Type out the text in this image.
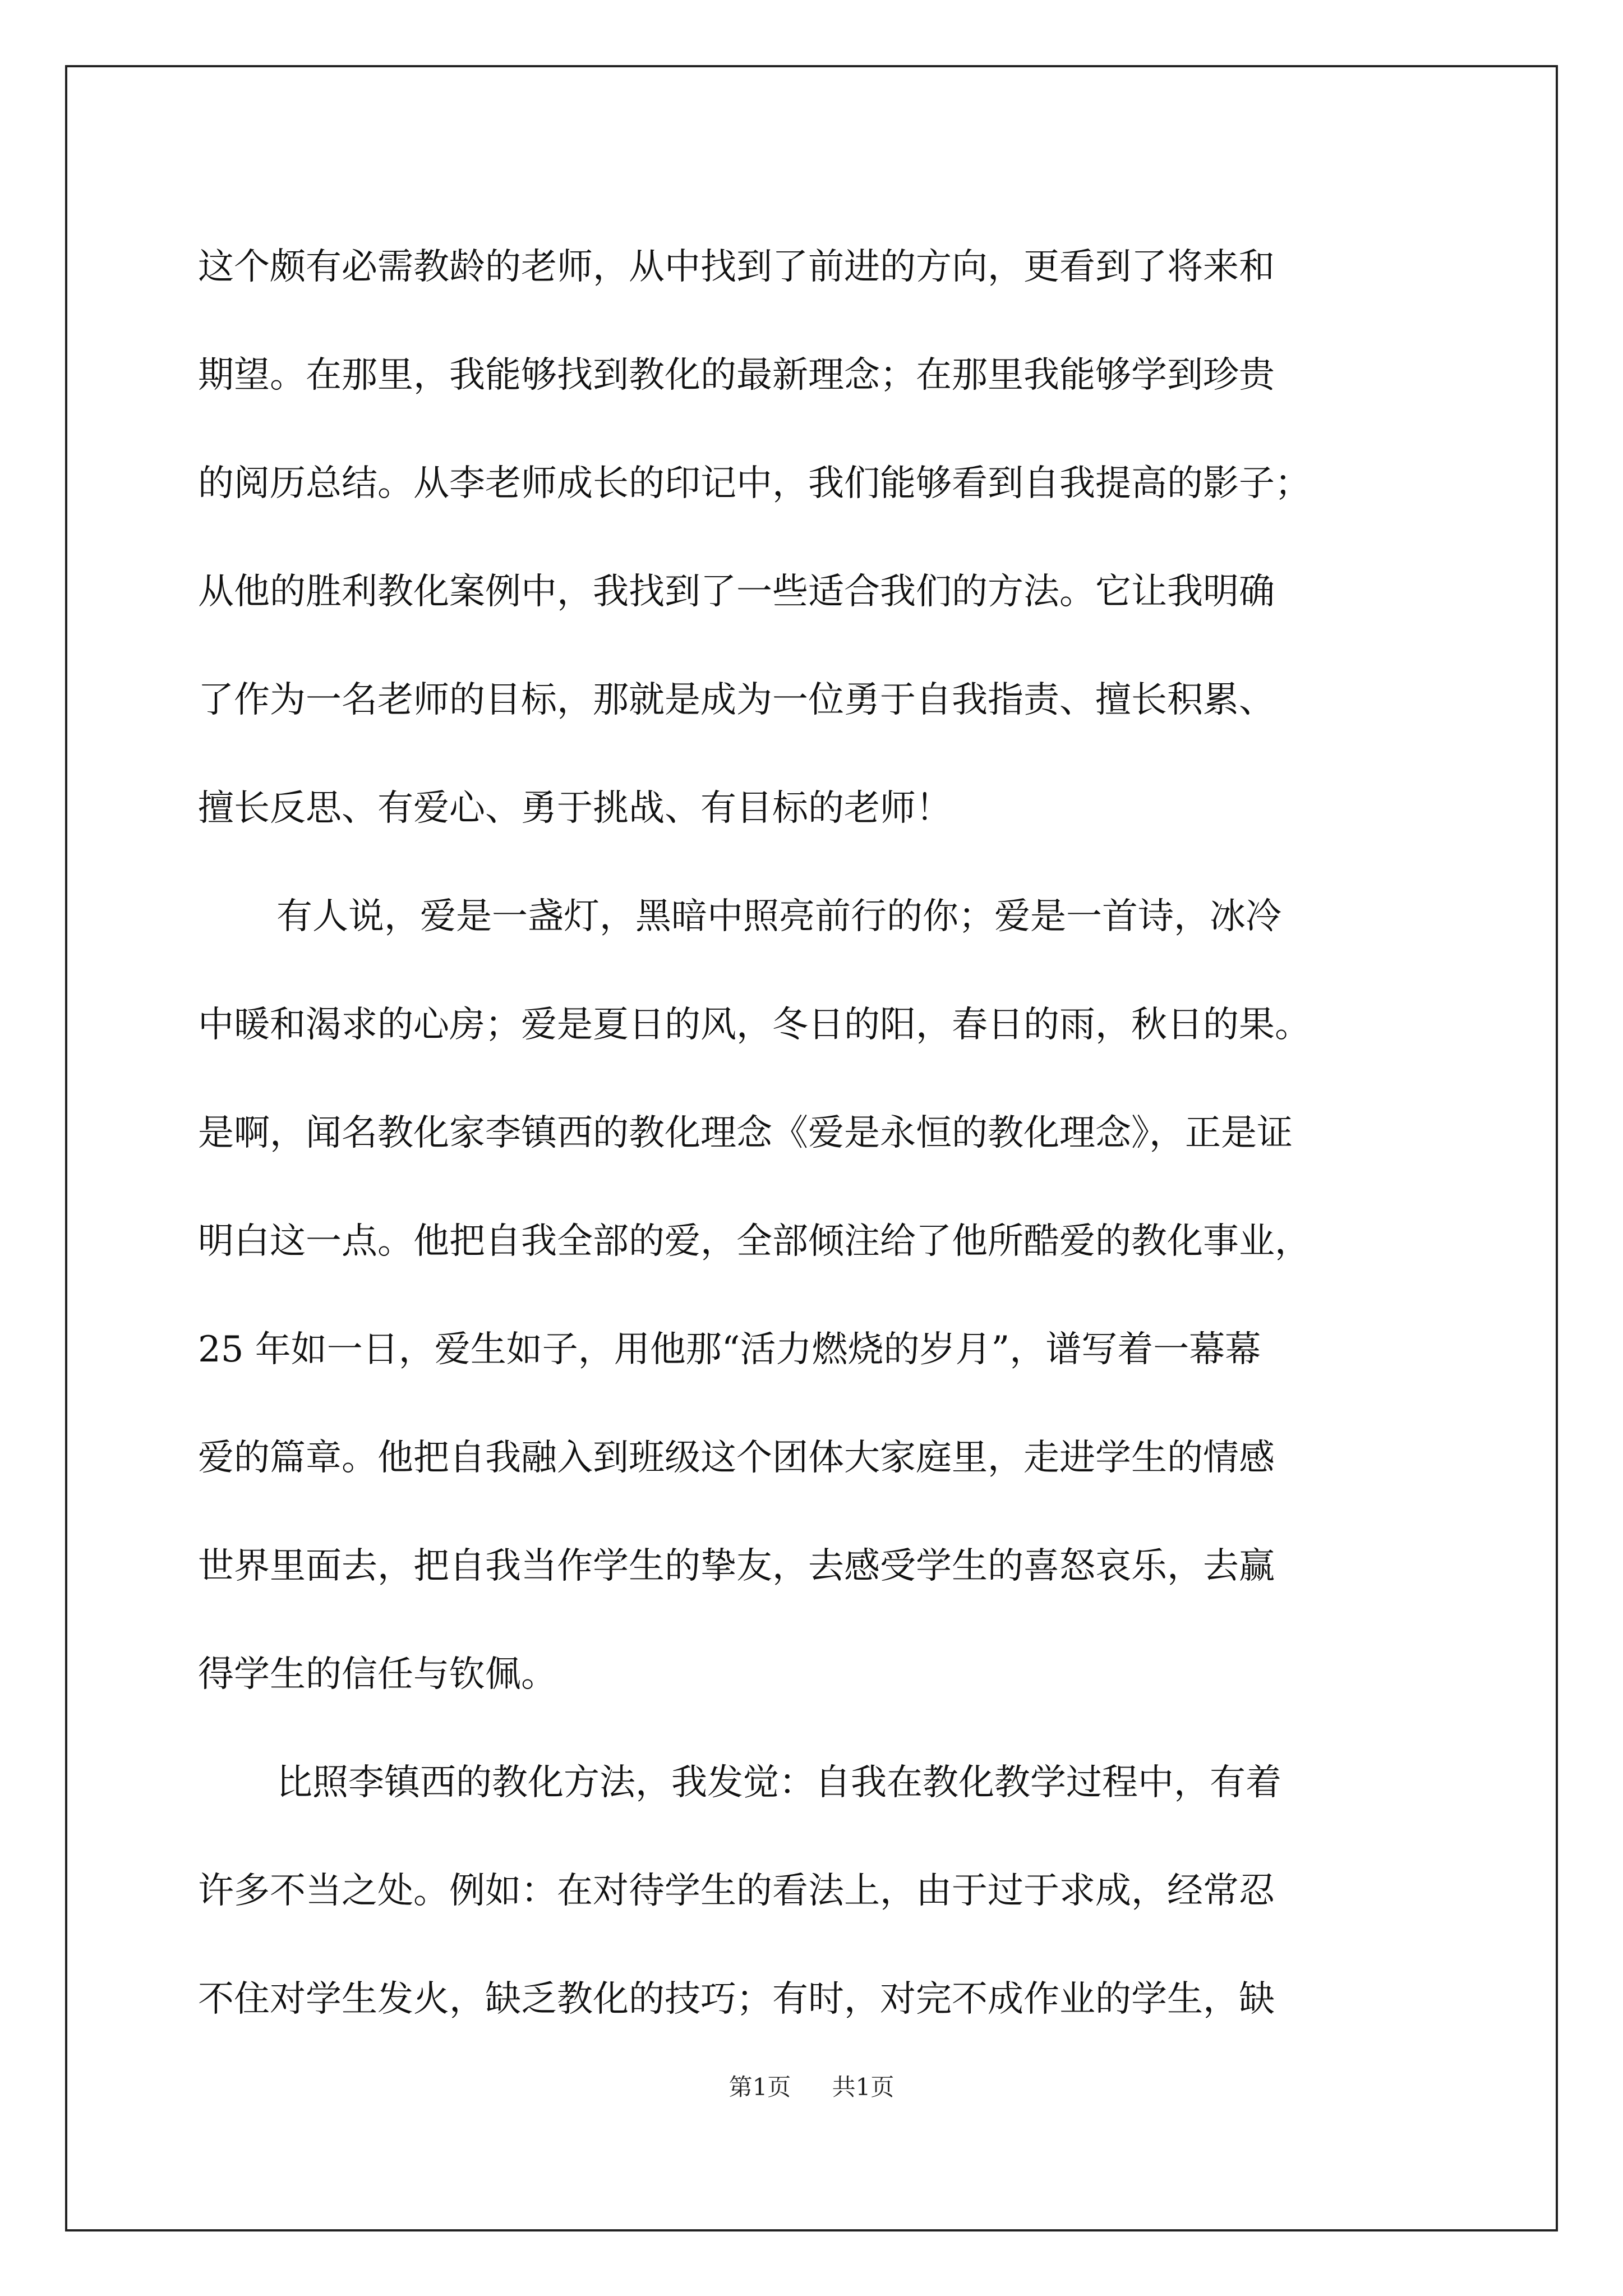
这个颇有必需教龄的老师，从中找到了前进的方向，更看到了将来和
期望。在那里，我能够找到教化的最新理念；在那里我能够学到珍贵
的阅历总结。从李老师成长的印记中，我们能够看到自我提高的影子；
从他的胜利教化案例中，我找到了一些适合我们的方法。它让我明确
了作为一名老师的目标，那就是成为一位勇于自我指责、擅长积累、
擅长反思、有爱心、勇于挑战、有目标的老师！
有人说，爱是一盏灯，黑暗中照亮前行的你；爱是一首诗，冰冷
中暖和渴求的心房；爱是夏日的风，冬日的阳，春日的雨，秋日的果。
是啊，闻名教化家李镇西的教化理念《爱是永恒的教化理念》，正是证
明白这一点。他把自我全部的爱，全部倾注给了他所酷爱的教化事业，
25 年如一日，爱生如子，用他那“活力燃烧的岁月”，谱写着一幕幕
爱的篇章。他把自我融入到班级这个团体大家庭里，走进学生的情感
世界里面去，把自我当作学生的挚友，去感受学生的喜怒哀乐，去赢
得学生的信任与钦佩。
比照李镇西的教化方法，我发觉：自我在教化教学过程中，有着
许多不当之处。例如：在对待学生的看法上，由于过于求成，经常忍
不住对学生发火，缺乏教化的技巧；有时，对完不成作业的学生，缺
第1页 共1页
